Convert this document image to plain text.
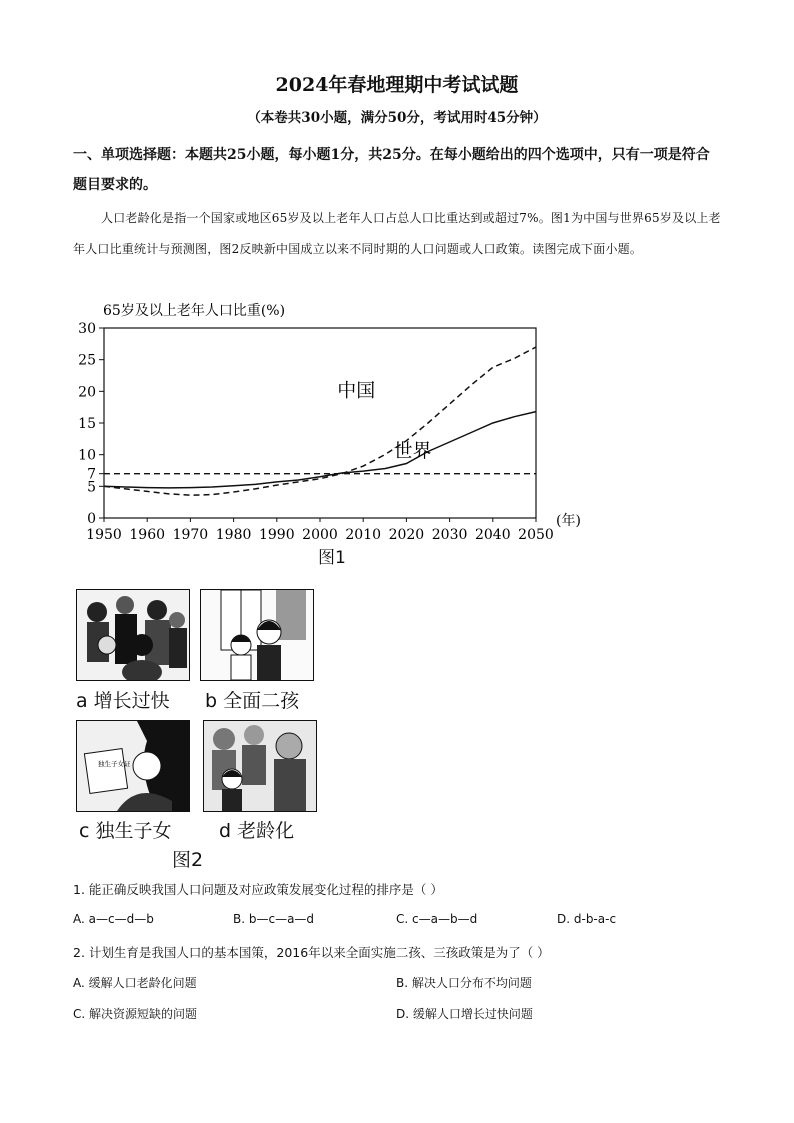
2024年春地理期中考试试题
（本卷共30小题，满分50分，考试用时45分钟）
一、单项选择题：本题共25小题，每小题1分，共25分。在每小题给出的四个选项中，只有一项是符合题目要求的。
人口老龄化是指一个国家或地区65岁及以上老年人口占总人口比重达到或超过7%。图1为中国与世界65岁及以上老年人口比重统计与预测图，图2反映新中国成立以来不同时期的人口问题或人口政策。读图完成下面小题。
65岁及以上老年人口比重(%)
0
5
7
10
15
20
25
30
1950 1960 1970 1980 1990 2000 2010 2020 2030 2040 2050
(年)
中国
世界
图1
a 增长过快 b 全面二孩
独生子女证
c 独生子女	d 老龄化
图2
1. 能正确反映我国人口问题及对应政策发展变化过程的排序是（ ）
A. a—c—d—b	B. b—c—a—d	C. c—a—b—d	D. d-b-a-c
2. 计划生育是我国人口的基本国策，2016年以来全面实施二孩、三孩政策是为了（ ）
A. 缓解人口老龄化问题	B. 解决人口分布不均问题
C. 解决资源短缺的问题	D. 缓解人口增长过快问题
